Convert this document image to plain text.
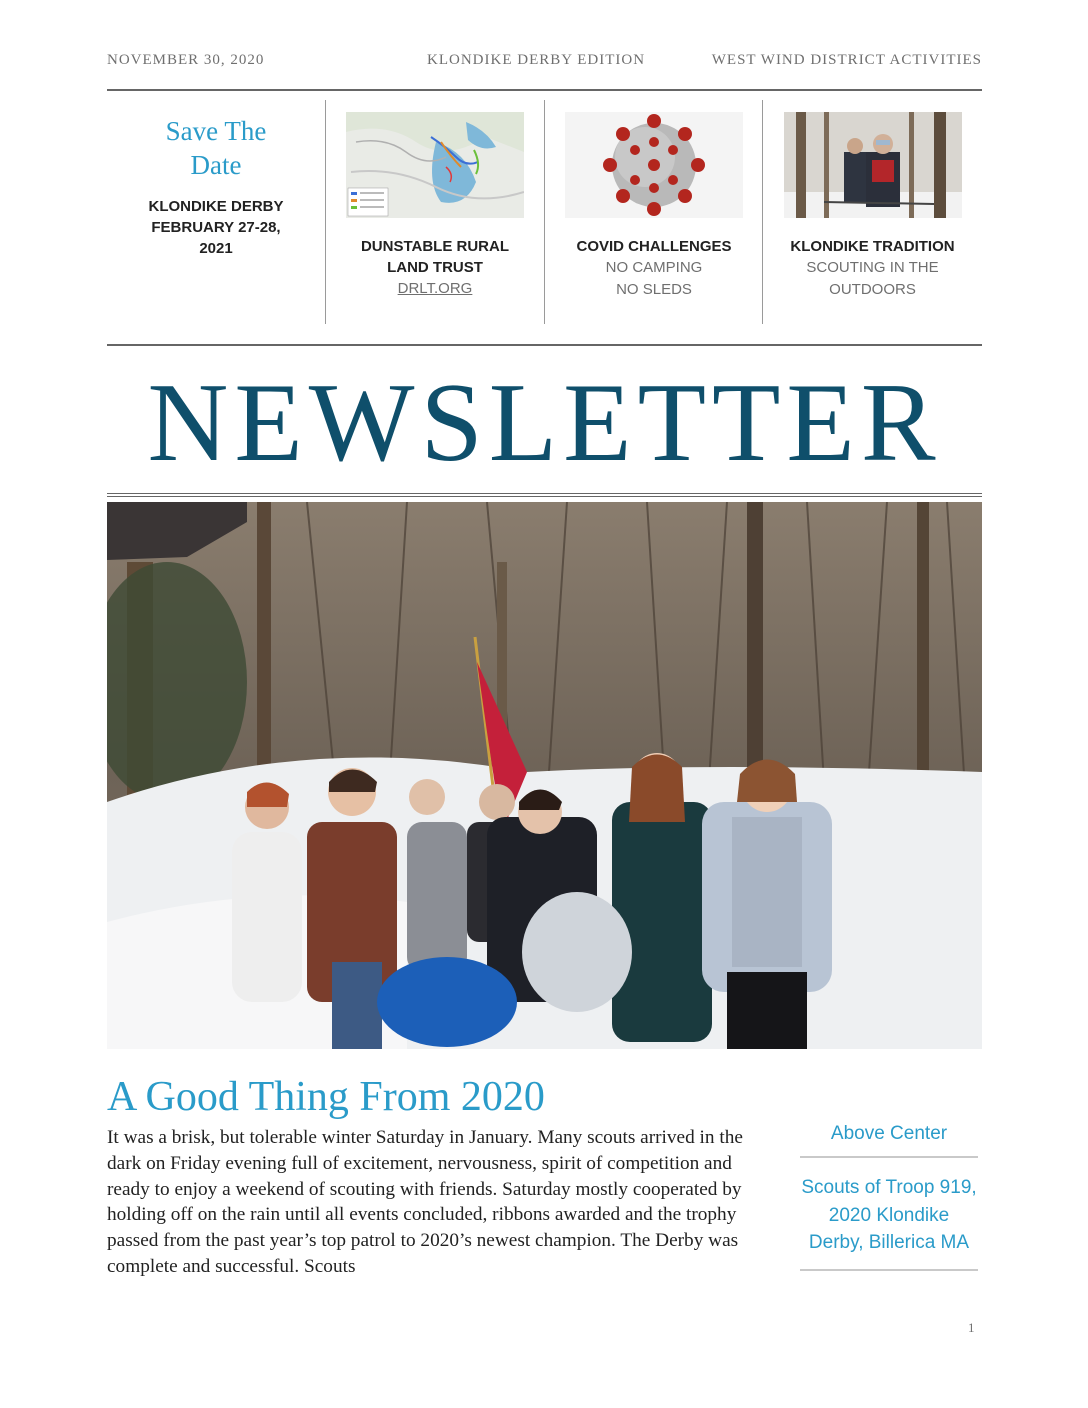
NOVEMBER 30, 2020	KLONDIKE DERBY EDITION	WEST WIND DISTRICT ACTIVITIES
Save The Date
KLONDIKE DERBY
FEBRUARY 27-28, 2021	DUNSTABLE RURAL
LAND TRUST
DRLT.ORG
COVID CHALLENGES
NO CAMPING
NO SLEDS
KLONDIKE TRADITION
SCOUTING IN THE
OUTDOORS
NEWSLETTER
A Good Thing From 2020
It was a brisk, but tolerable winter Saturday in January. Many scouts arrived in the dark on Friday evening full of excitement, nervousness, spirit of competition and ready to enjoy a weekend of scouting with friends. Saturday mostly cooperated by holding off on the rain until all events concluded, ribbons awarded and the trophy passed from the past year’s top patrol to 2020’s newest champion. The Derby was complete and successful. Scouts
Above Center
Scouts of Troop 919, 2020 Klondike Derby, Billerica MA
1
